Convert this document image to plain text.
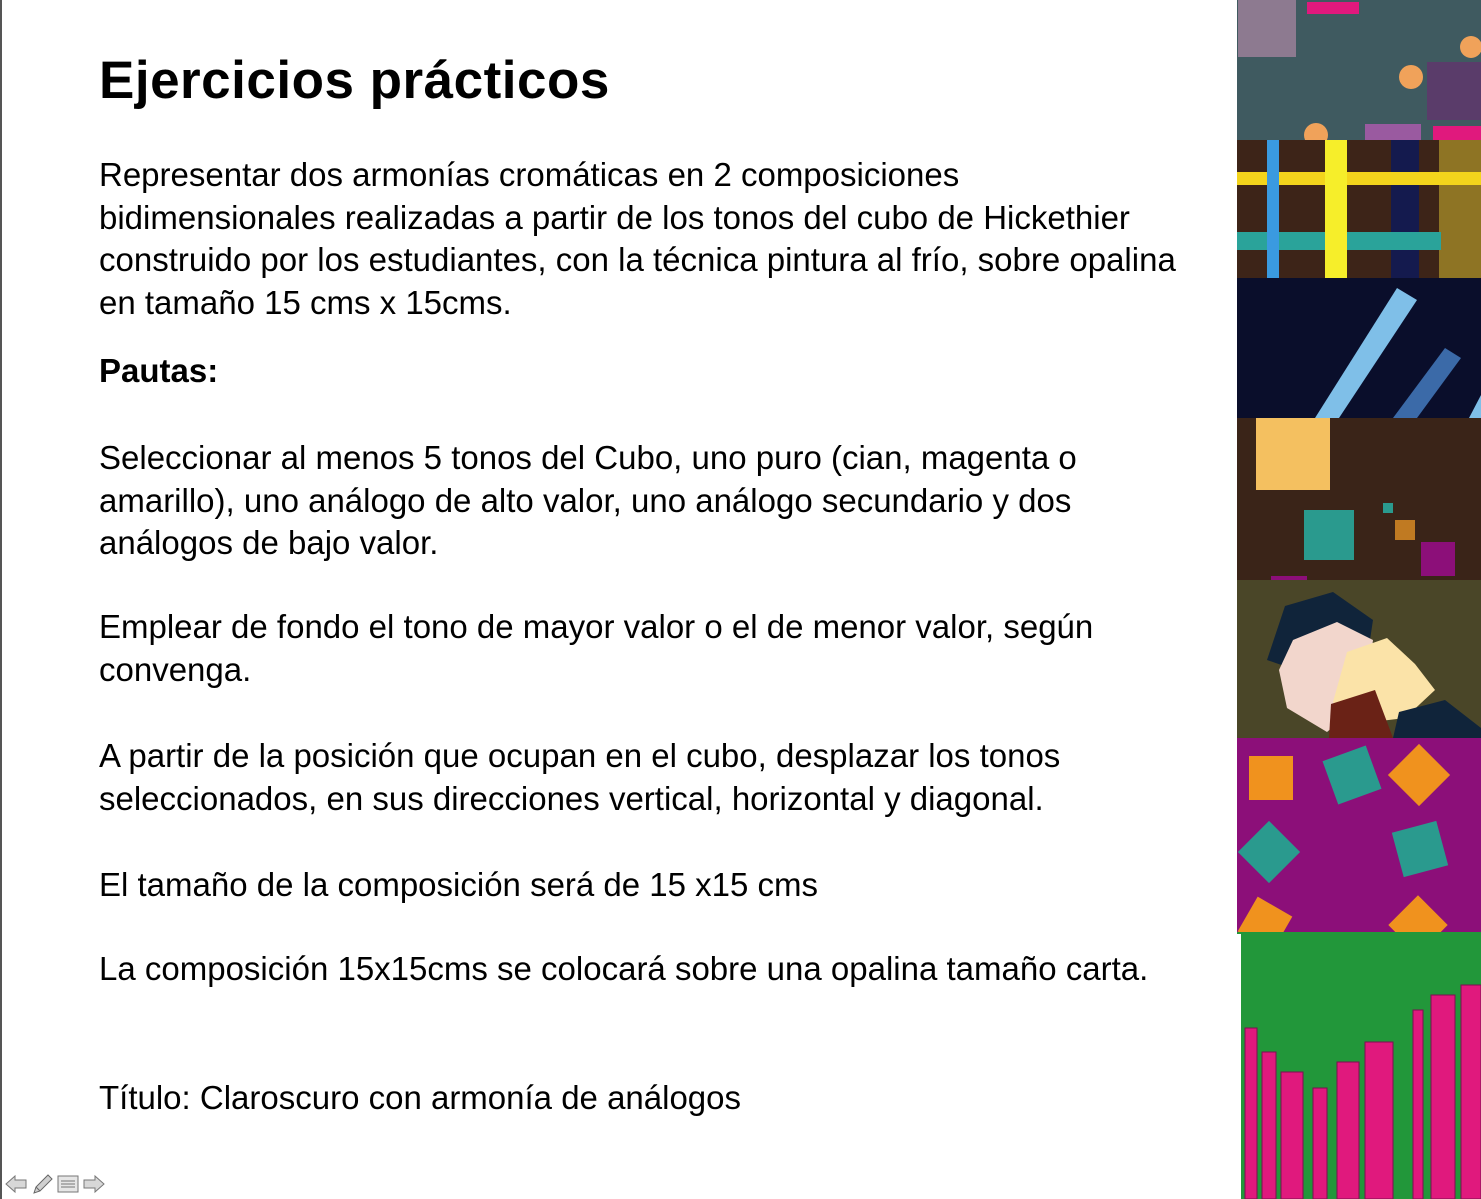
Ejercicios prácticos

Representar dos armonías cromáticas en 2 composiciones bidimensionales realizadas a partir de los tonos del cubo de Hickethier construido por los estudiantes, con la técnica pintura al frío, sobre opalina en tamaño 15 cms x 15cms.

Pautas:

Seleccionar al menos 5 tonos del Cubo, uno puro (cian, magenta o amarillo), uno análogo de alto valor, uno análogo secundario y dos análogos de bajo valor.

Emplear de fondo el tono de mayor valor o el de menor valor, según convenga.

A partir de la posición que ocupan en el cubo, desplazar los tonos seleccionados, en sus direcciones vertical, horizontal y diagonal.

El tamaño de la composición será de 15 x15 cms

La composición 15x15cms se colocará sobre una opalina tamaño carta.

Título: Claroscuro con armonía de análogos
